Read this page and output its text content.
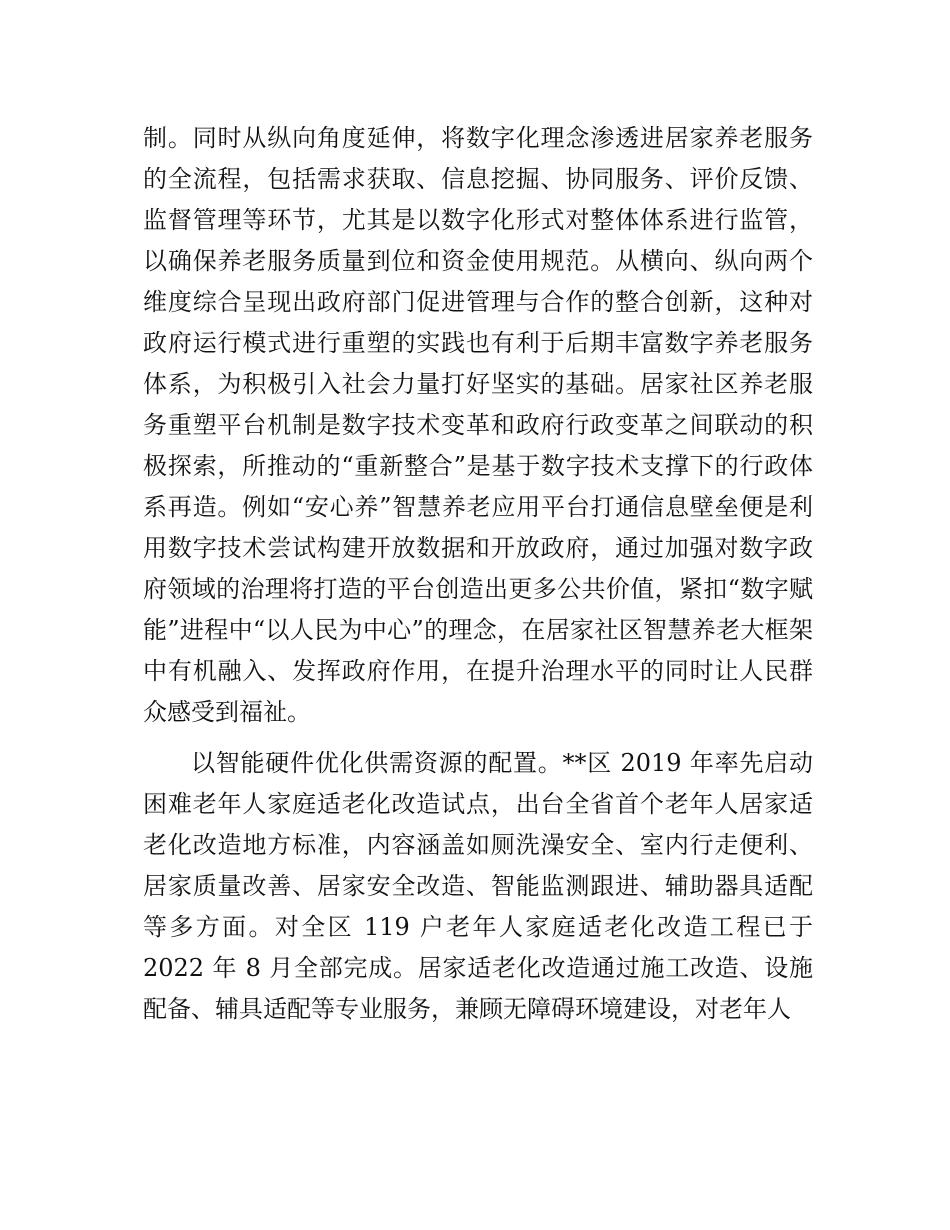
制。同时从纵向角度延伸，将数字化理念渗透进居家养老服务的全流程，包括需求获取、信息挖掘、协同服务、评价反馈、监督管理等环节，尤其是以数字化形式对整体体系进行监管，以确保养老服务质量到位和资金使用规范。从横向、纵向两个维度综合呈现出政府部门促进管理与合作的整合创新，这种对政府运行模式进行重塑的实践也有利于后期丰富数字养老服务体系，为积极引入社会力量打好坚实的基础。居家社区养老服务重塑平台机制是数字技术变革和政府行政变革之间联动的积极探索，所推动的“重新整合”是基于数字技术支撑下的行政体系再造。例如“安心养”智慧养老应用平台打通信息壁垒便是利用数字技术尝试构建开放数据和开放政府，通过加强对数字政府领域的治理将打造的平台创造出更多公共价值，紧扣“数字赋能”进程中“以人民为中心”的理念，在居家社区智慧养老大框架中有机融入、发挥政府作用，在提升治理水平的同时让人民群众感受到福祉。

以智能硬件优化供需资源的配置。**区 2019 年率先启动困难老年人家庭适老化改造试点，出台全省首个老年人居家适老化改造地方标准，内容涵盖如厕洗澡安全、室内行走便利、居家质量改善、居家安全改造、智能监测跟进、辅助器具适配等多方面。对全区 119 户老年人家庭适老化改造工程已于 2022 年 8 月全部完成。居家适老化改造通过施工改造、设施配备、辅具适配等专业服务，兼顾无障碍环境建设，对老年人
